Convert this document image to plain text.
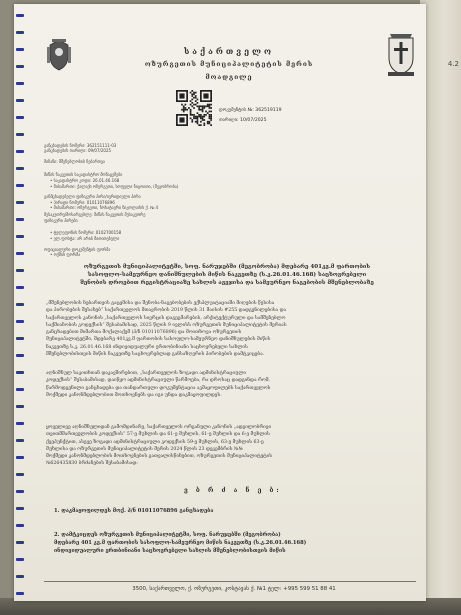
4.2
საქართველო
ოზურგეთის მუნიციპალიტეტის მერის
მოადგილე
დოკუმენტის №: 362519119
თარიღი: 10/07/2025
განცხადების ნომერი: 362151111-03
განცხადების თარიღი: 09/07/2025
მიზანი: მშენებლობის ნებართვა
მიწის ნაკვეთის საკადასტრო მონაცემები
• საკადასტრო კოდი: 26.01.46.168
• მისამართი: ქალაქი ოზურგეთი, სოფელი ნიგოითი, (მეგობრობა)
განმცხადებელი ფიზიკური პირი/იურიდიული პირი
• პირადი ნომერი: 01011076896
• მისამართი: ოზურგეთი, ჩოხატაური ნიკოლაძის ქ. № 4
მესაკუთრე/მოსარგებლე: მიწის ნაკვეთის მესაკუთრე
ფიზიკური პირები
• ტელეფონის ნომერი: 0102700158
• ელ.ფოსტა: არ არის მითითებული
ოფიციალური დოკუმენტის ფორმა
• ოქმის ფორმა
ოზურგეთის მუნიციპალიტეტში, სოფ. ნარუჯებში (მეგობრობა) მდებარე 401კვ.მ ფართობის
სასოფლო-სამეურნეო დანიშნულების მიწის ნაკვეთზე (ს.კ.26.01.46.168) საცხოვრებელი
შენობის დროებით რეგისტრაციაზე სახლის ავეჯისა და სამეურნეო ნაგებობის მშენებლობაზე
„მშენებლობის ნებართვის გაცემისა და შენობა-ნაგებობების ექსპლუატაციაში მიღების წესისა
და პირობების შესახებ“ საქართველოს მთავრობის 2019 წლის 31 მაისის #255 დადგენილებისა და
საქართველოს კანონის „საქართველოს სივრცის დაგეგმარების, არქიტექტურული და სამშენებლო
საქმიანობის კოდექსის“ შესაბამისად, 2025 წლის 9 ივლისს ოზურგეთის მუნიციპალიტეტის მერიას
განცხადებით მიმართა მოქალაქემ (პ/ნ 01011076896) და მოითხოვა ოზურგეთის
მუნიციპალიტეტში, მდებარე 401კვ.მ ფართობის სასოფლო-სამეურნეო დანიშნულების მიწის
ნაკვეთზე ს.კ. 26.01.46.168 ინდივიდუალური ერთობინიანი საცხოვრებელი სახლის
მშენებლობისთვის მიწის ნაკვეთზე საცხოვრებლად განსაზღვრის პირობების დამტკიცება.
აღნიშნულ საკითხთან დაკავშირებით, „საქართველოს ზოგადი ადმინისტრაციული
კოდექსის“ შესაბამისად, დაიწყო ადმინისტრაციული წარმოება, რა დროსაც დადგინდა რომ,
წარმოდგენილი განცხადება და თანდართული დოკუმენტაცია აკმაყოფილებს საქართველოს
მოქმედი კანონმდებლობით მოთხოვნებს და იგი უნდა დაკმაყოფილდეს.
ყოველივე აღნიშნულიდან გამომდინარე, საქართველოს ორგანული კანონის „ადგილობრივი
თვითმმართველობის კოდექსის“ 57-ე მუხლის და 61-ე მუხლის, 61-ე მუხლის და 6-ე მუხლის
ქვეპუნქტით, ასევე ზოგადი ადმინისტრაციული კოდექსის 59-ე მუხლის, 63-ე მუხლის 63-ე
მუხლისა და ოზურგეთის მუნიციპალიტეტის მერის 2024 წლის 23 დეკემბრის №№
მოქმედი კანონმდებლობის მოთხოვნების გათვალისწინებით, ოზურგეთის მუნიციპალიტეტის
№626435830 ბრძანების შესაბამისად:
ვ ბ რ ძ ა ნ ე ბ:
1. დაკმაყოფილდეს მოქ. პ/ნ 01011076896 განცხადება
2. დამტკიცდეს ოზურგეთის მუნიციპალიტეტში, სოფ. ნარუჯებში (მეგობრობა)
მდებარე 401 კვ.მ ფართობის სასოფლო-სამეურნეო მიწის ნაკვეთზე (ს.კ.26.01.46.168)
ინდივიდუალური ერთბინიანი საცხოვრებელი სახლის მშენებლობისთვის მიწის
3500, საქართველო, ქ. ოზურგეთი, კოსტავას ქ. №1 ტელ: +995 599 51 88 41
